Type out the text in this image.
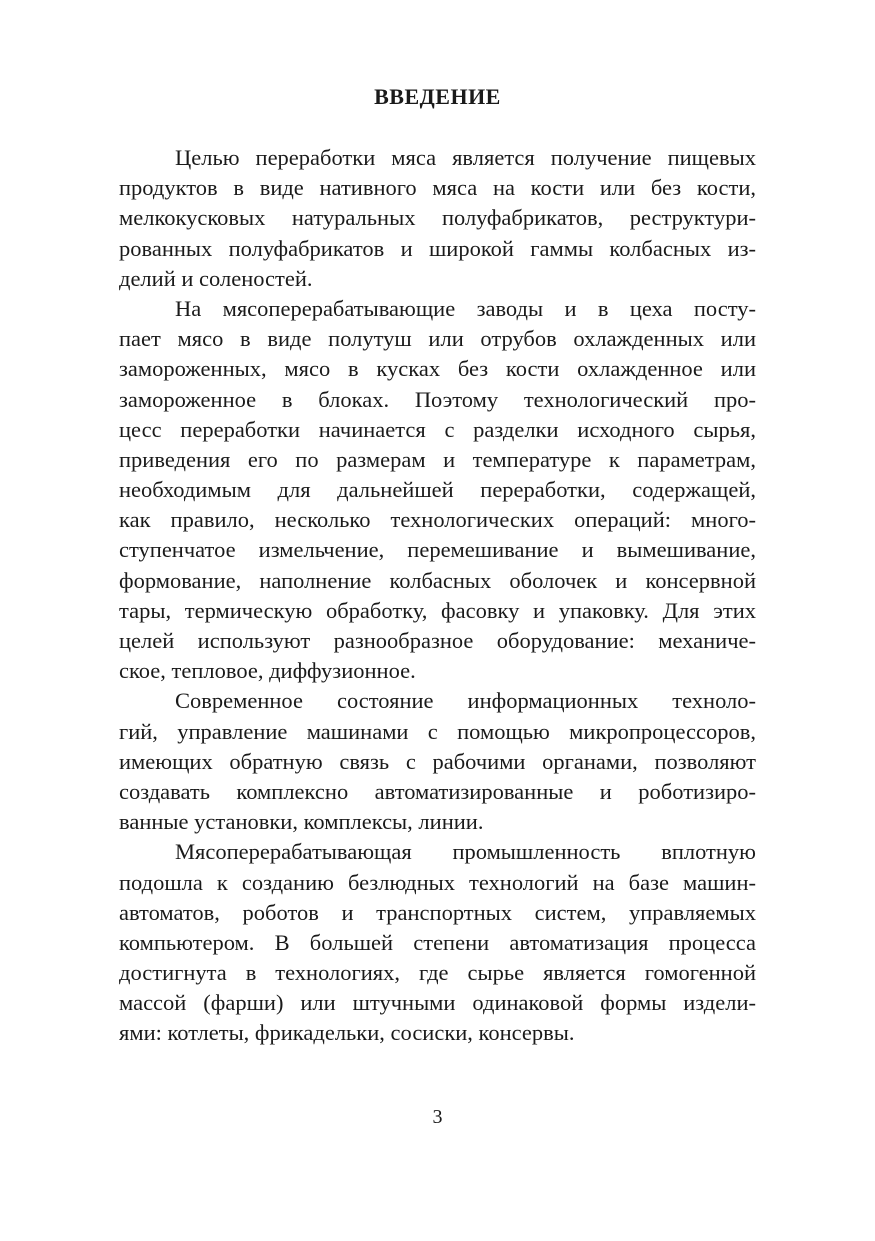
ВВЕДЕНИЕ
Целью переработки мяса является получение пищевых
продуктов в виде нативного мяса на кости или без кости,
мелкокусковых натуральных полуфабрикатов, реструктури-
рованных полуфабрикатов и широкой гаммы колбасных из-
делий и соленостей.
На мясоперерабатывающие заводы и в цеха посту-
пает мясо в виде полутуш или отрубов охлажденных или
замороженных, мясо в кусках без кости охлажденное или
замороженное в блоках. Поэтому технологический про-
цесс переработки начинается с разделки исходного сырья,
приведения его по размерам и температуре к параметрам,
необходимым для дальнейшей переработки, содержащей,
как правило, несколько технологических операций: много-
ступенчатое измельчение, перемешивание и вымешивание,
формование, наполнение колбасных оболочек и консервной
тары, термическую обработку, фасовку и упаковку. Для этих
целей используют разнообразное оборудование: механиче-
ское, тепловое, диффузионное.
Современное состояние информационных техноло-
гий, управление машинами с помощью микропроцессоров,
имеющих обратную связь с рабочими органами, позволяют
создавать комплексно автоматизированные и роботизиро-
ванные установки, комплексы, линии.
Мясоперерабатывающая промышленность вплотную
подошла к созданию безлюдных технологий на базе машин-
автоматов, роботов и транспортных систем, управляемых
компьютером. В большей степени автоматизация процесса
достигнута в технологиях, где сырье является гомогенной
массой (фарши) или штучными одинаковой формы издели-
ями: котлеты, фрикадельки, сосиски, консервы.
3
